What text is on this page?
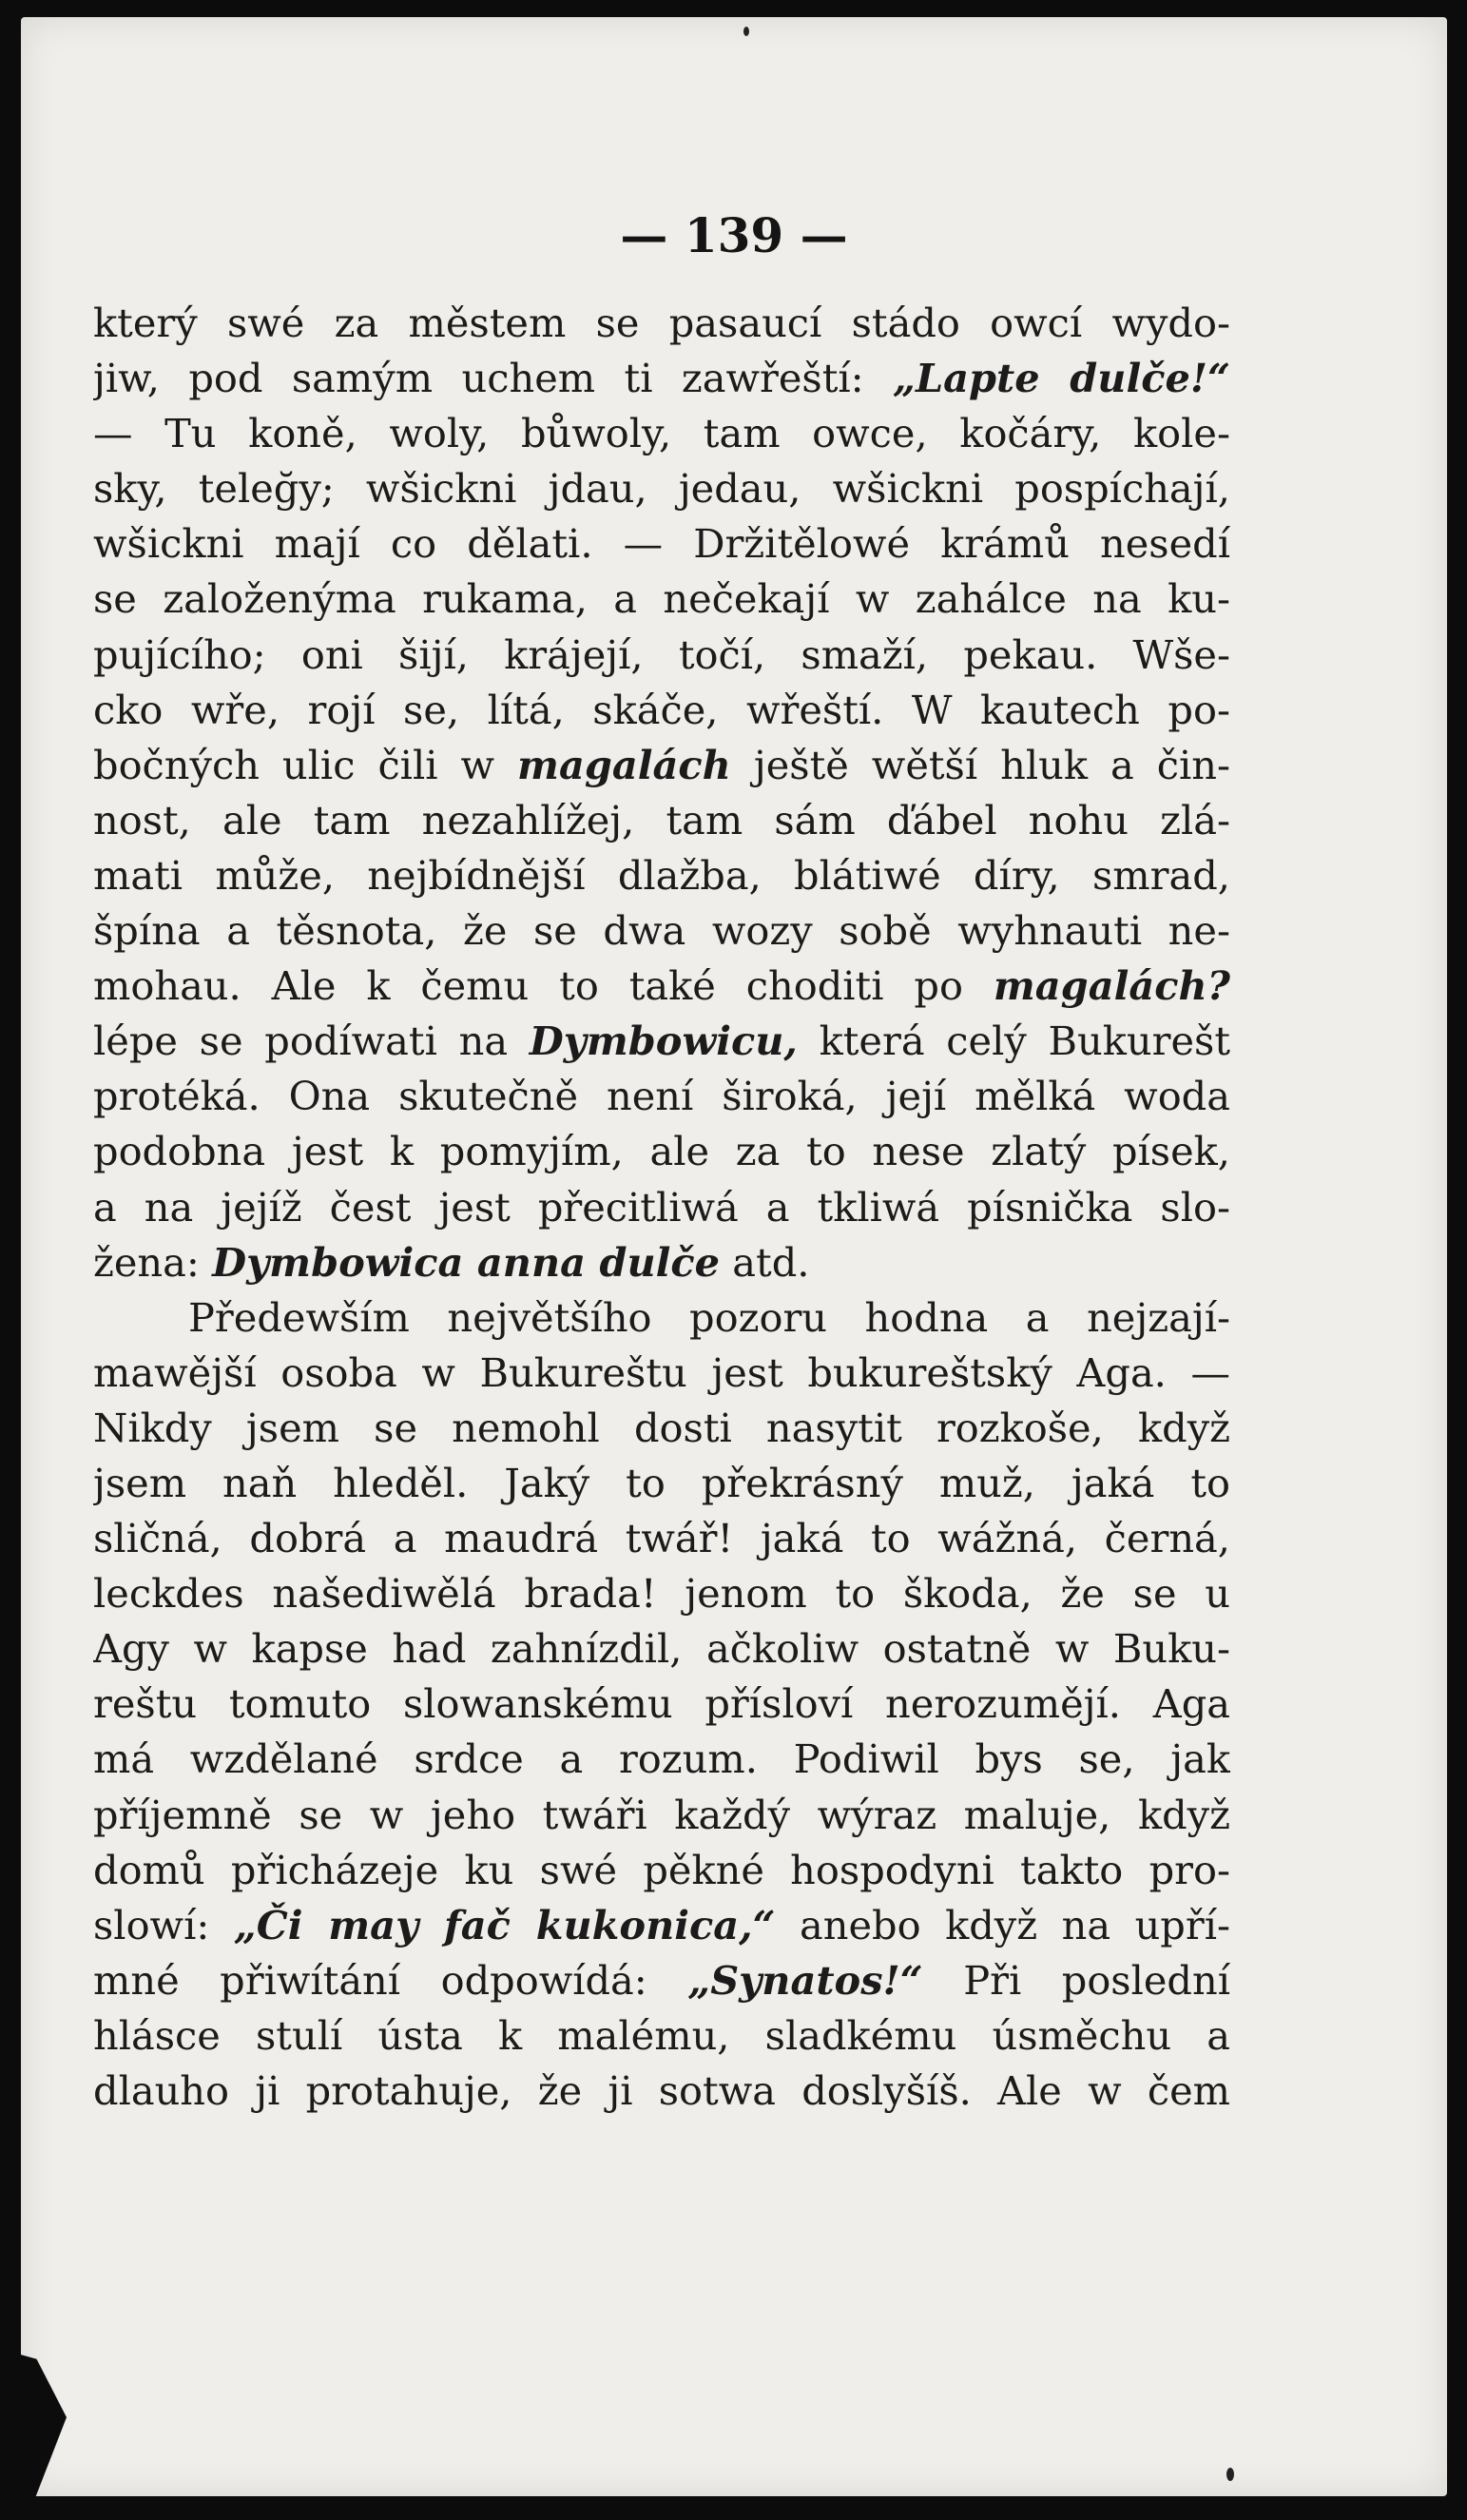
— 139 —
který swé za městem se pasaucí stádo owcí wydo-
jiw, pod samým uchem ti zawřeští: „Lapte dulče!“
— Tu koně, woly, bůwoly, tam owce, kočáry, kole-
sky, teleğy; wšickni jdau, jedau, wšickni pospíchají,
wšickni mají co dělati. — Držitělowé krámů nesedí
se založenýma rukama, a nečekají w zahálce na ku-
pujícího; oni šijí, krájejí, točí, smaží, pekau. Wše-
cko wře, rojí se, lítá, skáče, wřeští. W kautech po-
bočných ulic čili w magalách ještě wětší hluk a čin-
nost, ale tam nezahlížej, tam sám ďábel nohu zlá-
mati může, nejbídnější dlažba, blátiwé díry, smrad,
špína a těsnota, že se dwa wozy sobě wyhnauti ne-
mohau. Ale k čemu to také choditi po magalách?
lépe se podíwati na Dymbowicu, která celý Bukurešt
protéká. Ona skutečně není široká, její mělká woda
podobna jest k pomyjím, ale za to nese zlatý písek,
a na jejíž čest jest přecitliwá a tkliwá písnička slo-
žena: Dymbowica anna dulče atd.
Předewším největšího pozoru hodna a nejzají-
mawější osoba w Bukureštu jest bukureštský Aga. —
Nikdy jsem se nemohl dosti nasytit rozkoše, když
jsem naň hleděl. Jaký to překrásný muž, jaká to
sličná, dobrá a maudrá twář! jaká to wážná, černá,
leckdes našediwělá brada! jenom to škoda, že se u
Agy w kapse had zahnízdil, ačkoliw ostatně w Buku-
reštu tomuto slowanskému přísloví nerozumějí. Aga
má wzdělané srdce a rozum. Podiwil bys se, jak
příjemně se w jeho twáři každý wýraz maluje, když
domů přicházeje ku swé pěkné hospodyni takto pro-
slowí: „Či may fač kukonica,“ anebo když na upří-
mné přiwítání odpowídá: „Synatos!“ Při poslední
hlásce stulí ústa k malému, sladkému úsměchu a
dlauho ji protahuje, že ji sotwa doslyšíš. Ale w čem
